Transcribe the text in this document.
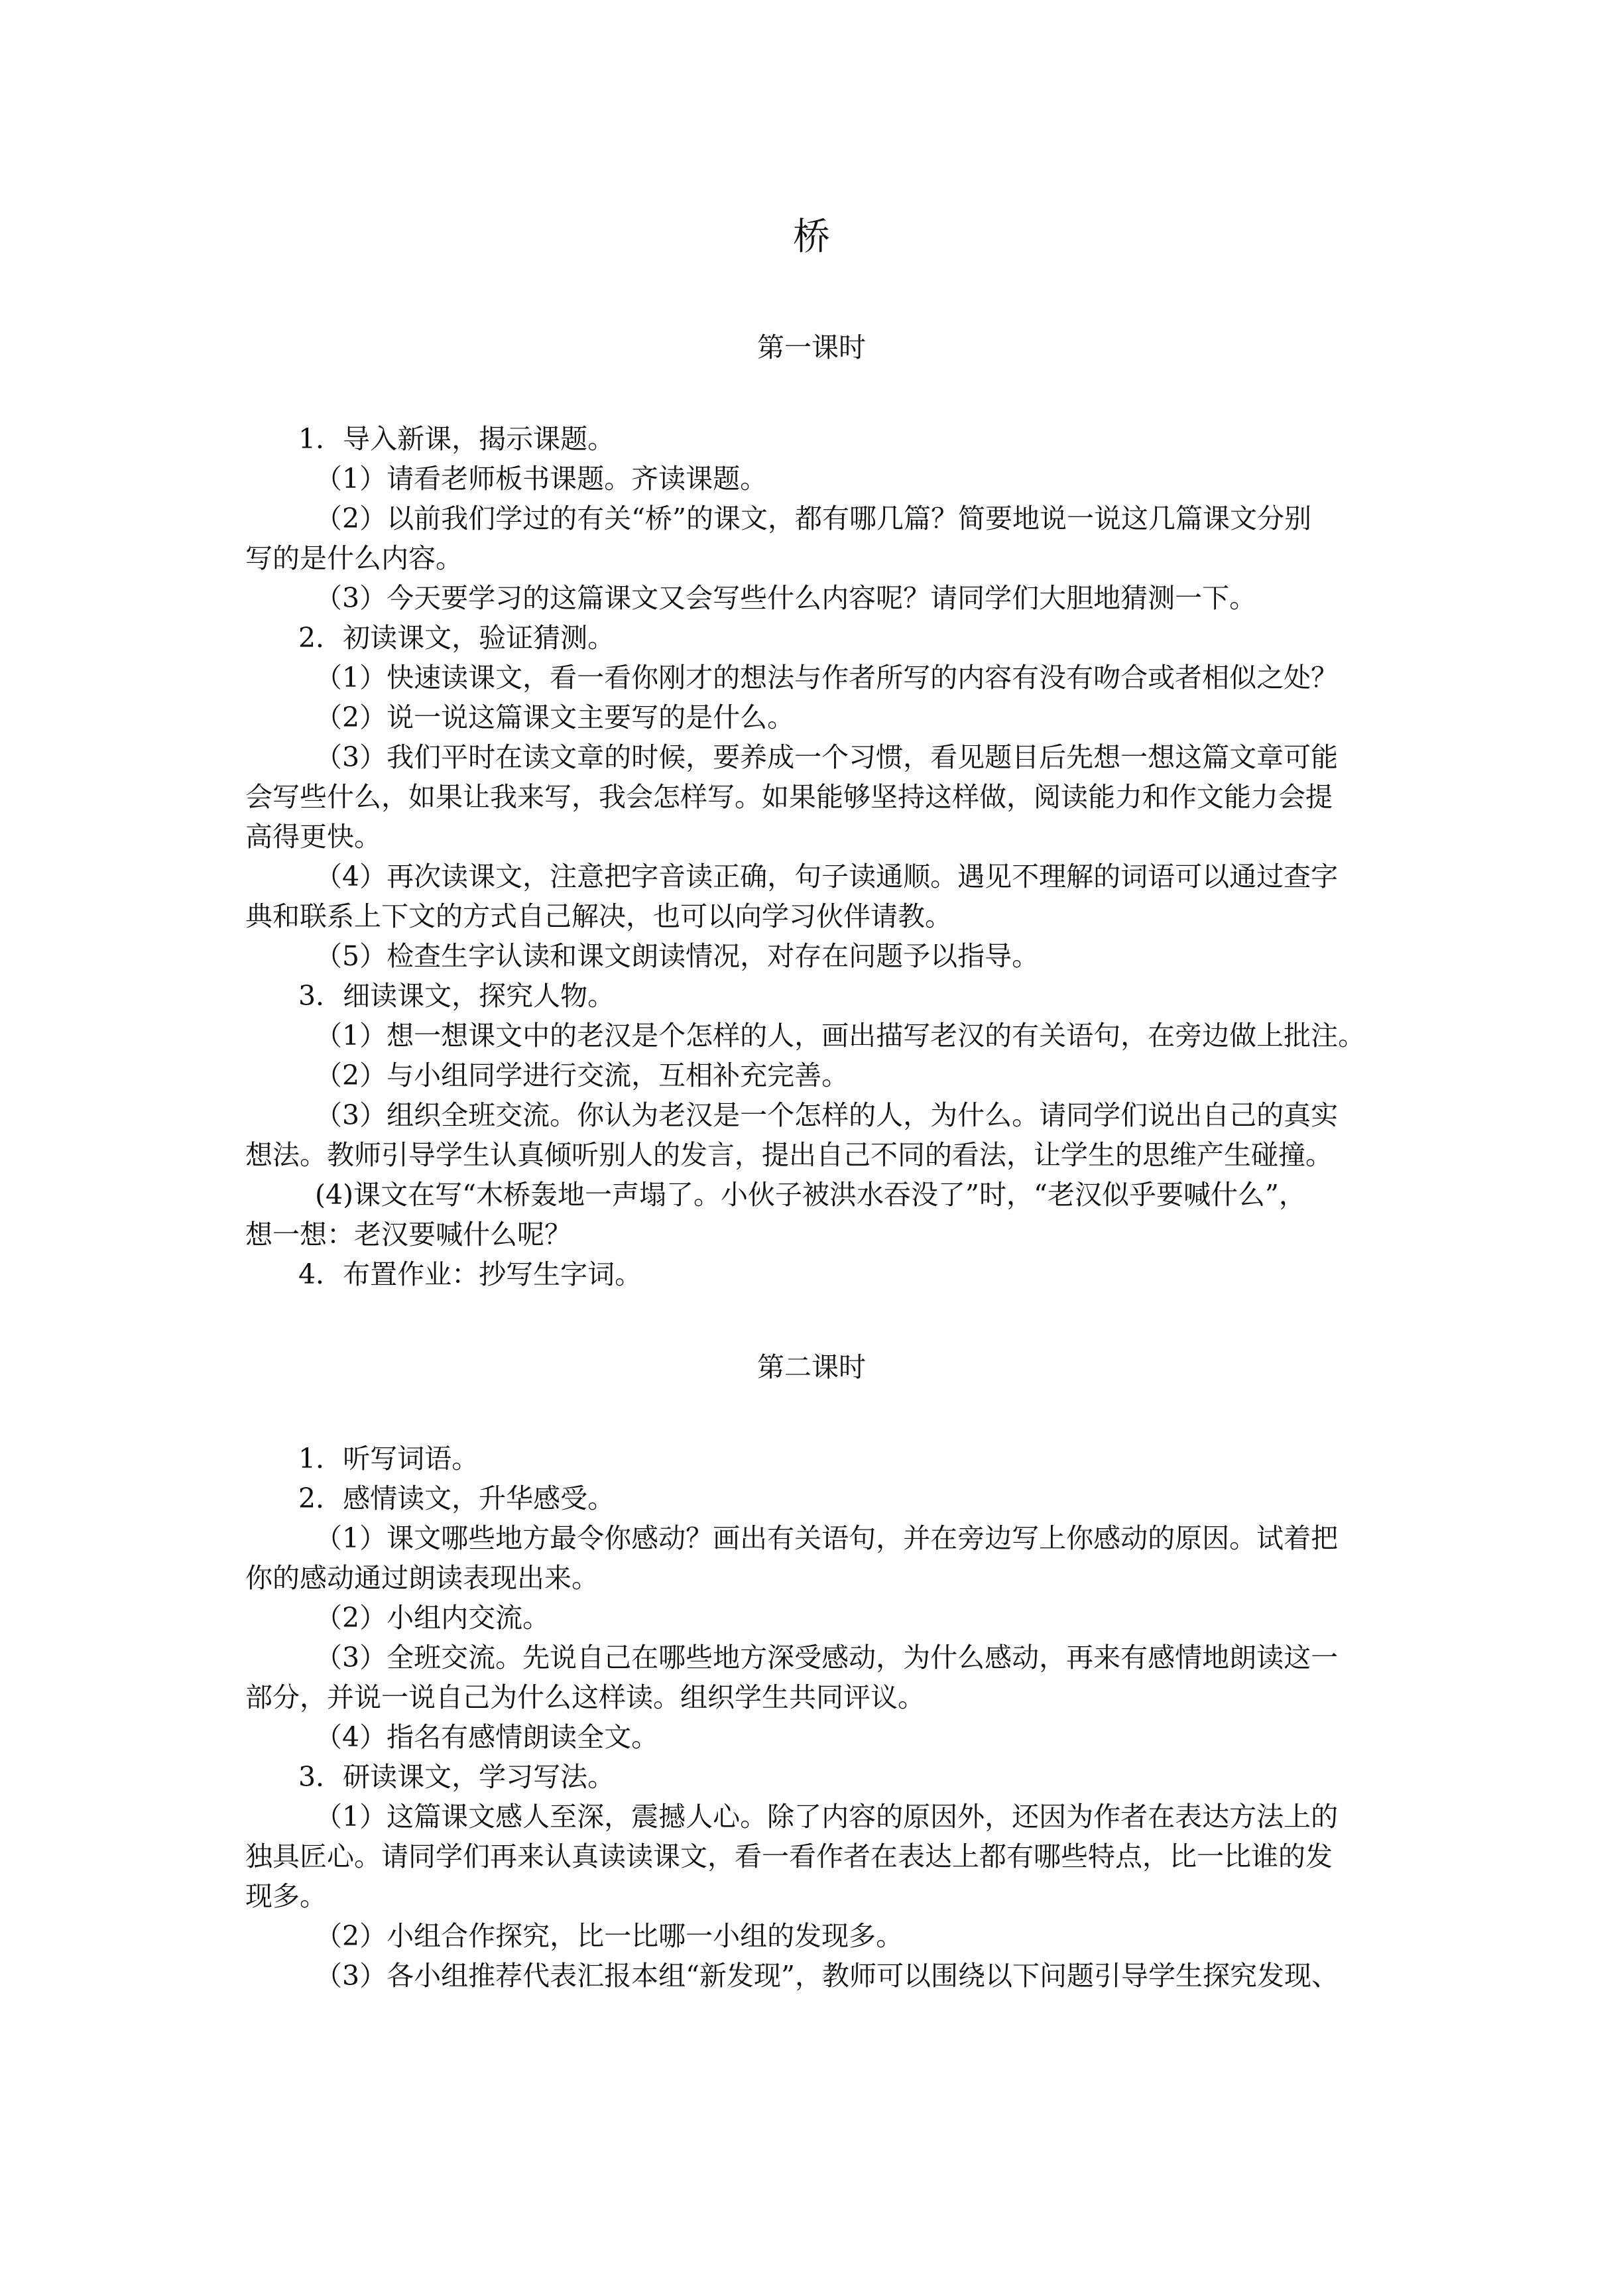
桥
第一课时
1．导入新课，揭示课题。
（1）请看老师板书课题。齐读课题。
（2）以前我们学过的有关“桥”的课文，都有哪几篇？简要地说一说这几篇课文分别
写的是什么内容。
（3）今天要学习的这篇课文又会写些什么内容呢？请同学们大胆地猜测一下。
2．初读课文，验证猜测。
（1）快速读课文，看一看你刚才的想法与作者所写的内容有没有吻合或者相似之处？
（2）说一说这篇课文主要写的是什么。
（3）我们平时在读文章的时候，要养成一个习惯，看见题目后先想一想这篇文章可能
会写些什么，如果让我来写，我会怎样写。如果能够坚持这样做，阅读能力和作文能力会提
高得更快。
（4）再次读课文，注意把字音读正确，句子读通顺。遇见不理解的词语可以通过查字
典和联系上下文的方式自己解决，也可以向学习伙伴请教。
（5）检查生字认读和课文朗读情况，对存在问题予以指导。
3．细读课文，探究人物。
（1）想一想课文中的老汉是个怎样的人，画出描写老汉的有关语句，在旁边做上批注。
（2）与小组同学进行交流，互相补充完善。
（3）组织全班交流。你认为老汉是一个怎样的人，为什么。请同学们说出自己的真实
想法。教师引导学生认真倾听别人的发言，提出自己不同的看法，让学生的思维产生碰撞。
(4)课文在写“木桥轰地一声塌了。小伙子被洪水吞没了”时，“老汉似乎要喊什么”，
想一想：老汉要喊什么呢？
4．布置作业：抄写生字词。
第二课时
1．听写词语。
2．感情读文，升华感受。
（1）课文哪些地方最令你感动？画出有关语句，并在旁边写上你感动的原因。试着把
你的感动通过朗读表现出来。
（2）小组内交流。
（3）全班交流。先说自己在哪些地方深受感动，为什么感动，再来有感情地朗读这一
部分，并说一说自己为什么这样读。组织学生共同评议。
（4）指名有感情朗读全文。
3．研读课文，学习写法。
（1）这篇课文感人至深，震撼人心。除了内容的原因外，还因为作者在表达方法上的
独具匠心。请同学们再来认真读读课文，看一看作者在表达上都有哪些特点，比一比谁的发
现多。
（2）小组合作探究，比一比哪一小组的发现多。
（3）各小组推荐代表汇报本组“新发现”，教师可以围绕以下问题引导学生探究发现、
